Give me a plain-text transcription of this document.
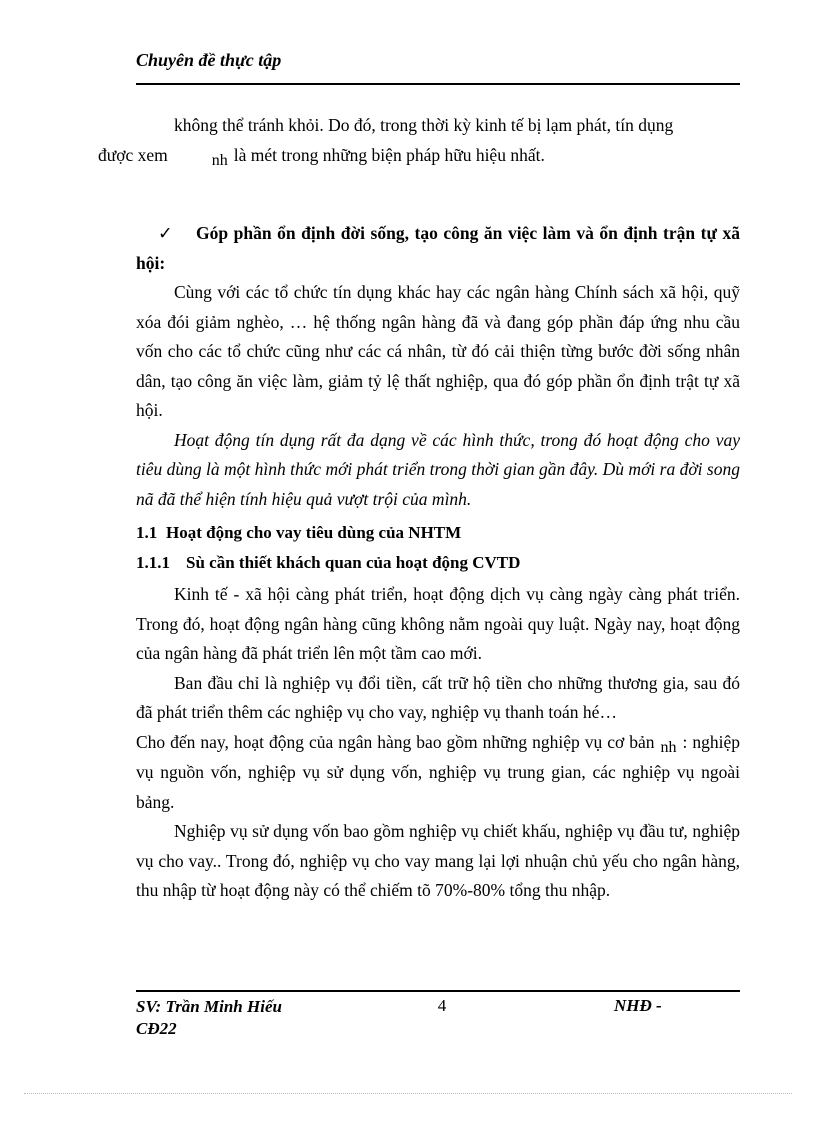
Chuyên đề thực tập

không thể tránh khỏi. Do đó, trong thời kỳ kinh tế bị lạm phát, tín dụng
được xem	nh là mét trong những biện pháp hữu hiệu nhất.

✓ Góp phần ổn định đời sống, tạo công ăn việc làm và ổn định trận tự xã hội:

Cùng với các tổ chức tín dụng khác hay các ngân hàng Chính sách xã hội, quỹ xóa đói giảm nghèo, … hệ thống ngân hàng đã và đang góp phần đáp ứng nhu cầu vốn cho các tổ chức cũng như các cá nhân, từ đó cải thiện từng bước đời sống nhân dân, tạo công ăn việc làm, giảm tỷ lệ thất nghiệp, qua đó góp phần ổn định trật tự xã hội.

Hoạt động tín dụng rất đa dạng về các hình thức, trong đó hoạt động cho vay tiêu dùng là một hình thức mới phát triển trong thời gian gần đây. Dù mới ra đời song nã đã thể hiện tính hiệu quả vượt trội của mình.

1.1 Hoạt động cho vay tiêu dùng của NHTM
1.1.1 Sù cần thiết khách quan của hoạt động CVTD

Kinh tế - xã hội càng phát triển, hoạt động dịch vụ càng ngày càng phát triển. Trong đó, hoạt động ngân hàng cũng không nằm ngoài quy luật. Ngày nay, hoạt động của ngân hàng đã phát triển lên một tầm cao mới.

Ban đầu chỉ là nghiệp vụ đổi tiền, cất trữ hộ tiền cho những thương gia, sau đó đã phát triển thêm các nghiệp vụ cho vay, nghiệp vụ thanh toán hé…

Cho đến nay, hoạt động của ngân hàng bao gồm những nghiệp vụ cơ bản nh : nghiệp vụ nguồn vốn, nghiệp vụ sử dụng vốn, nghiệp vụ trung gian, các nghiệp vụ ngoài bảng.

Nghiệp vụ sử dụng vốn bao gồm nghiệp vụ chiết khấu, nghiệp vụ đầu tư, nghiệp vụ cho vay.. Trong đó, nghiệp vụ cho vay mang lại lợi nhuận chủ yếu cho ngân hàng, thu nhập từ hoạt động này có thể chiếm tõ 70%-80% tổng thu nhập.

SV: Trần Minh Hiếu CĐ22
4	NHĐ -
